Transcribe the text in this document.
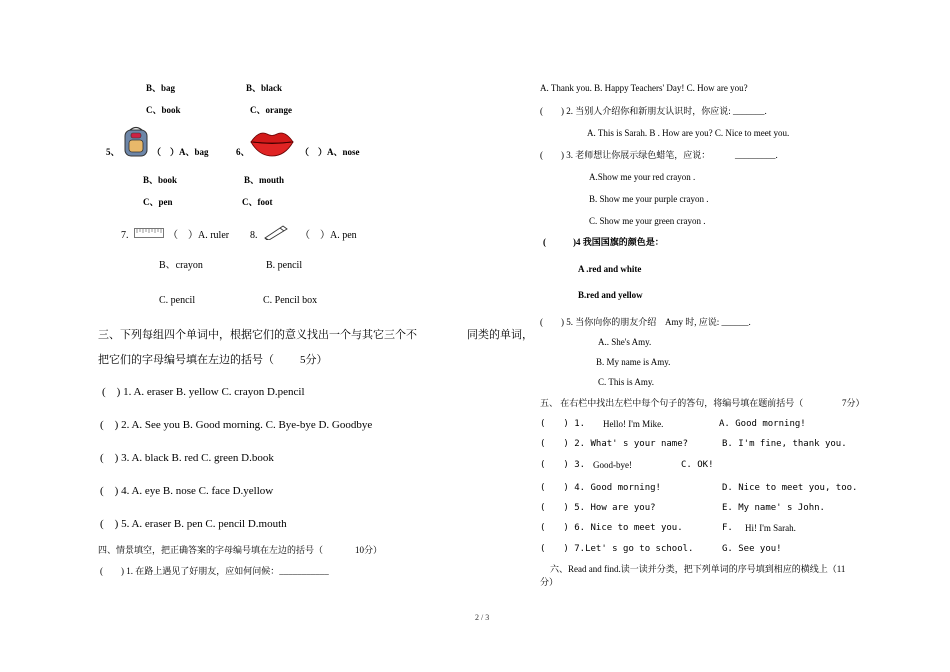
B、bag	B、black
C、book	C、orange
5、	（　）A、bag	6、	（　）A、nose
B、book	B、mouth
C、pen	C、foot
7.	（　）A. ruler 8.	（　）A. pen
B、crayon	B. pencil
C. pencil	C. Pencil box
三、下列每组四个单词中，根据它们的意义找出一个与其它三个不	同类的单词，
把它们的字母编号填在左边的括号（ 5分）
(　) 1. A. eraser B. yellow C. crayon D.pencil
(　) 2. A. See you B. Good morning. C. Bye-bye D. Goodbye
(　) 3. A. black B. red C. green D.book
(　) 4. A. eye B. nose C. face D.yellow
(　) 5. A. eraser B. pen C. pencil D.mouth
四、情景填空，把正确答案的字母编号填在左边的括号（	10分）
(　　) 1. 在路上遇见了好朋友，应如何问候：___________
A. Thank you. B. Happy Teachers' Day! C. How are you?
(　　) 2. 当别人介绍你和新朋友认识时，你应说: _______.
A. This is Sarah. B . How are you? C. Nice to meet you.
(　　) 3. 老师想让你展示绿色蜡笔，应说：	_________.
A.Show me your red crayon .
B. Show me your purple crayon .
C. Show me your green crayon .
(　　　)4 我国国旗的颜色是：
A .red and white
B.red and yellow
(　　) 5. 当你向你的朋友介绍 Amy 时, 应说: ______.
A.. She's Amy.
B. My name is Amy.
C. This is Amy.
五、 在右栏中找出左栏中每个句子的答句，将编号填在题前括号（	7分）
(　　) 1. Hello! I'm Mike.	A. Good morning!
(　　) 2. What' s your name?	B. I'm fine, thank you.
(　　) 3. Good-bye!	C. OK!
(　　) 4. Good morning!	D. Nice to meet you, too.
(　　) 5. How are you?	E. My name' s John.
(　　) 6. Nice to meet you.	F. Hi! I'm Sarah.
(　　) 7.Let' s go to school.	G. See you!
六、Read and find.读一读并分类，把下列单词的序号填到相应的横线上（11
分）
2 / 3
